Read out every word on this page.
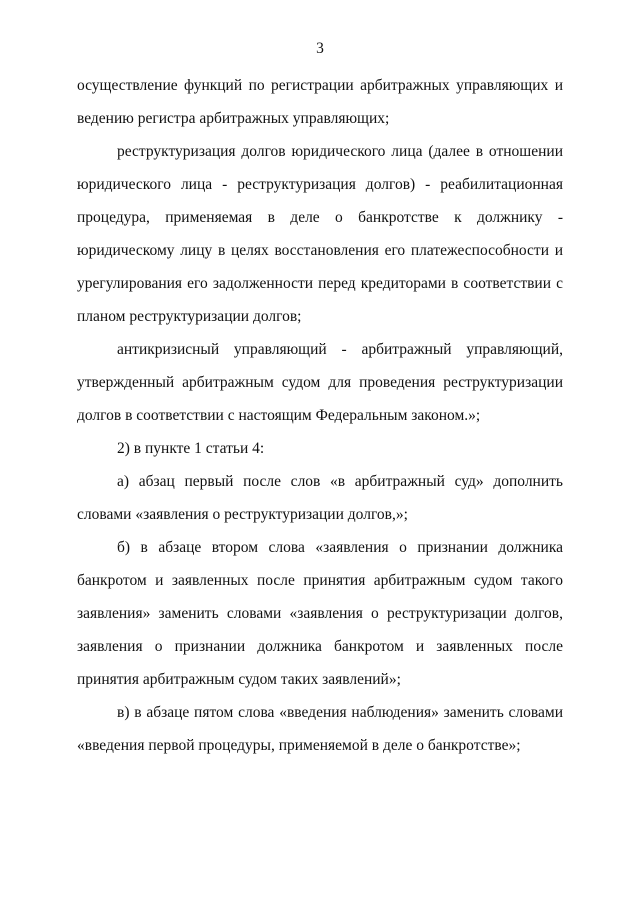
3

осуществление функций по регистрации арбитражных управляющих и ведению регистра арбитражных управляющих;

реструктуризация долгов юридического лица (далее в отношении юридического лица - реструктуризация долгов) - реабилитационная процедура, применяемая в деле о банкротстве к должнику - юридическому лицу в целях восстановления его платежеспособности и урегулирования его задолженности перед кредиторами в соответствии с планом реструктуризации долгов;

антикризисный управляющий - арбитражный управляющий, утвержденный арбитражным судом для проведения реструктуризации долгов в соответствии с настоящим Федеральным законом.»;

2) в пункте 1 статьи 4:

а) абзац первый после слов «в арбитражный суд» дополнить словами «заявления о реструктуризации долгов,»;

б) в абзаце втором слова «заявления о признании должника банкротом и заявленных после принятия арбитражным судом такого заявления» заменить словами «заявления о реструктуризации долгов, заявления о признании должника банкротом и заявленных после принятия арбитражным судом таких заявлений»;

в) в абзаце пятом слова «введения наблюдения» заменить словами «введения первой процедуры, применяемой в деле о банкротстве»;
